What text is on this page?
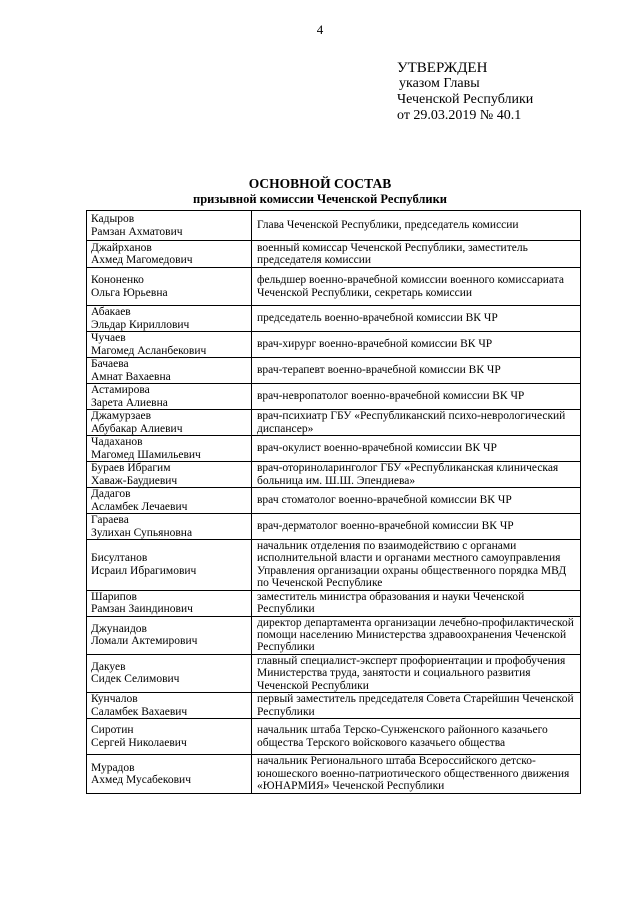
4
УТВЕРЖДЕН
указом Главы
Чеченской Республики
от 29.03.2019 № 40.1
ОСНОВНОЙ СОСТАВ
призывной комиссии Чеченской Республики
Кадыров
Рамзан Ахматович	Глава Чеченской Республики, председатель комиссии

Джайрханов
Ахмед Магомедович	военный комиссар Чеченской Республики, заместитель председателя комиссии

Кононенко
Ольга Юрьевна	фельдшер военно-врачебной комиссии военного комиссариата Чеченской Республики, секретарь комиссии

Абакаев
Эльдар Кириллович	председатель военно-врачебной комиссии ВК ЧР

Чучаев
Магомед Асланбекович	врач-хирург военно-врачебной комиссии ВК ЧР

Бачаева
Амнат Вахаевна	врач-терапевт военно-врачебной комиссии ВК ЧР

Астамирова
Зарета Алиевна	врач-невропатолог военно-врачебной комиссии ВК ЧР

Джамурзаев
Абубакар Алиевич	врач-психиатр ГБУ «Республиканский психо-неврологический диспансер»

Чадаханов
Магомед Шамильевич	врач-окулист военно-врачебной комиссии ВК ЧР

Бураев Ибрагим
Хаваж-Баудиевич	врач-оториноларинголог ГБУ «Республиканская клиническая больница им. Ш.Ш. Эпендиева»

Дадагов
Асламбек Лечаевич	врач стоматолог военно-врачебной комиссии ВК ЧР

Гараева
Зулихан Супьяновна	врач-дерматолог военно-врачебной комиссии ВК ЧР

Бисултанов
Исраил Ибрагимович	начальник отделения по взаимодействию с органами исполнительной власти и органами местного самоуправления Управления организации охраны общественного порядка МВД по Чеченской Республике

Шарипов
Рамзан Заиндинович	заместитель министра образования и науки Чеченской Республики

Джунаидов
Ломали Актемирович	директор департамента организации лечебно-профилактической помощи населению Министерства здравоохранения Чеченской Республики

Дакуев
Сидек Селимович	главный специалист-эксперт профориентации и профобучения Министерства труда, занятости и социального развития Чеченской Республики

Кунчалов
Саламбек Вахаевич	первый заместитель председателя Совета Старейшин Чеченской Республики

Сиротин
Сергей Николаевич	начальник штаба Терско-Сунженского районного казачьего общества Терского войскового казачьего общества

Мурадов
Ахмед Мусабекович	начальник Регионального штаба Всероссийского детско-юношеского военно-патриотического общественного движения «ЮНАРМИЯ» Чеченской Республики
